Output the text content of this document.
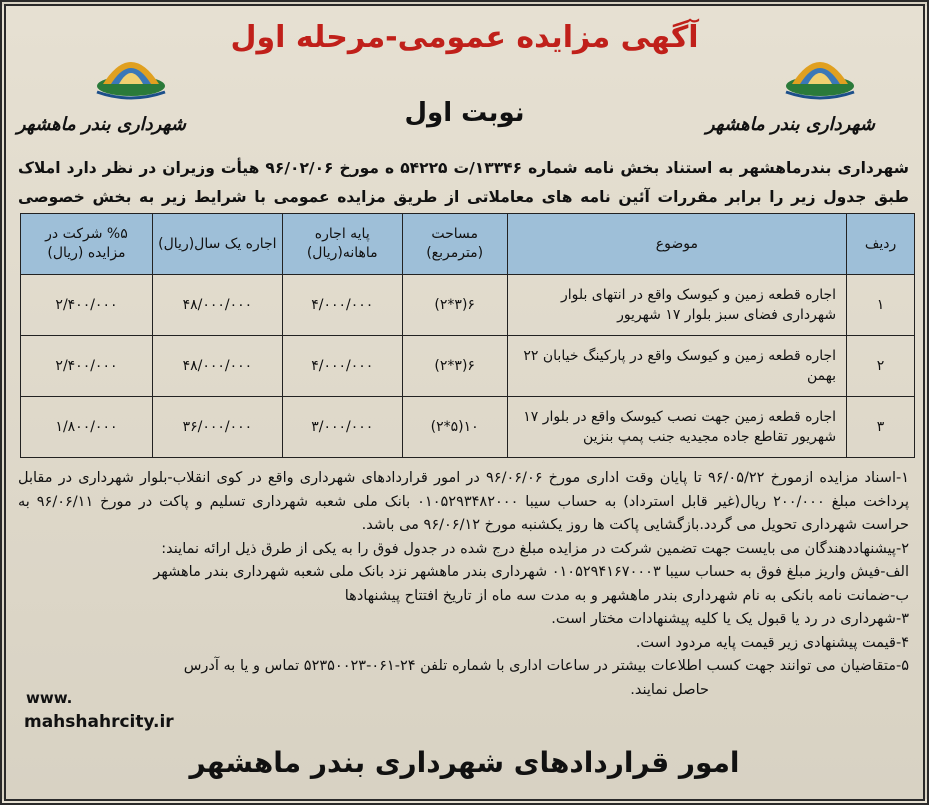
شهرداری بندر ماهشهر
شهرداری بندر ماهشهر
آگهی مزایده عمومی-مرحله اول
نوبت اول
شهرداری بندرماهشهر به استناد بخش نامه شماره ۱۳۳۴۶/ت ۵۴۲۲۵ ه مورخ ۹۶/۰۲/۰۶ هیأت وزیران در نظر دارد املاک طبق جدول زیر را برابر مقررات آئین نامه های معاملاتی از طریق مزایده عمومی با شرایط زیر به بخش خصوصی
ردیف	موضوع	مساحت (مترمربع)	پایه اجاره ماهانه(ریال)	اجاره یک سال(ریال)	%۵ شرکت در مزایده (ریال)
۱	اجاره قطعه زمین و کیوسک واقع در انتهای بلوار شهرداری فضای سبز بلوار ۱۷ شهریور	۶(۳*۲)	۴/۰۰۰/۰۰۰	۴۸/۰۰۰/۰۰۰	۲/۴۰۰/۰۰۰
۲	اجاره قطعه زمین و کیوسک واقع در پارکینگ خیابان ۲۲ بهمن	۶(۳*۲)	۴/۰۰۰/۰۰۰	۴۸/۰۰۰/۰۰۰	۲/۴۰۰/۰۰۰
۳	اجاره قطعه زمین جهت نصب کیوسک واقع در بلوار ۱۷ شهریور تقاطع جاده مجیدیه جنب پمپ بنزین	۱۰(۵*۲)	۳/۰۰۰/۰۰۰	۳۶/۰۰۰/۰۰۰	۱/۸۰۰/۰۰۰

۱-اسناد مزایده ازمورخ ۹۶/۰۵/۲۲ تا پایان وقت اداری مورخ ۹۶/۰۶/۰۶ در امور قراردادهای شهرداری واقع در کوی انقلاب-بلوار شهرداری در مقابل پرداخت مبلغ ۲۰۰/۰۰۰ ریال(غیر قابل استرداد) به حساب سیبا ۰۱۰۵۲۹۳۴۸۲۰۰۰ بانک ملی شعبه شهرداری تسلیم و پاکت در مورخ ۹۶/۰۶/۱۱ به حراست شهرداری تحویل می گردد.بازگشایی پاکت ها روز یکشنبه مورخ ۹۶/۰۶/۱۲ می باشد.

۲-پیشنهاددهندگان می بایست جهت تضمین شرکت در مزایده مبلغ درج شده در جدول فوق را به یکی از طرق ذیل ارائه نمایند:

الف-فیش واریز مبلغ فوق به حساب سیبا ۰۱۰۵۲۹۴۱۶۷۰۰۰۳ شهرداری بندر ماهشهر نزد بانک ملی شعبه شهرداری بندر ماهشهر

ب-ضمانت نامه بانکی به نام شهرداری بندر ماهشهر و به مدت سه ماه از تاریخ افتتاح پیشنهادها

۳-شهرداری در رد یا قبول یک یا کلیه پیشنهادات مختار است.

۴-قیمت پیشنهادی زیر قیمت پایه مردود است.

۵-متقاضیان می توانند جهت کسب اطلاعات بیشتر در ساعات اداری با شماره تلفن ۲۴-۰۶۱-۵۲۳۵۰۰۲۳ تماس و یا به آدرس

حاصل نمایند.

www.
mahshahrcity.ir
امور قراردادهای شهرداری بندر ماهشهر
